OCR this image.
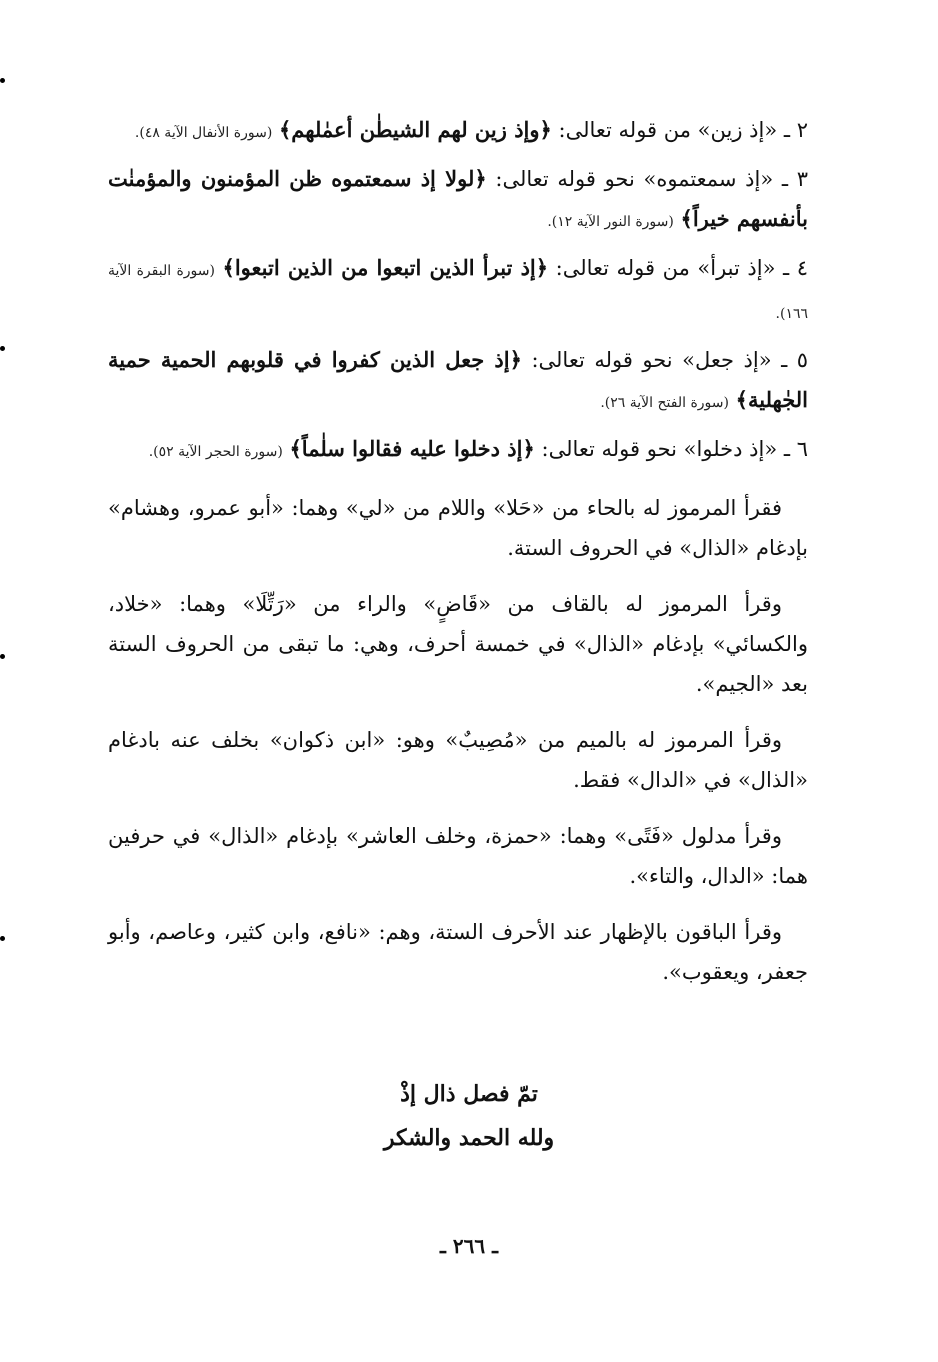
٢ ـ «إذ زين» من قوله تعالى: ﴿وإذ زين لهم الشيطٰن أعمٰلهم﴾ (سورة الأنفال الآية ٤٨).
٣ ـ «إذ سمعتموه» نحو قوله تعالى: ﴿لولا إذ سمعتموه ظن المؤمنون والمؤمنٰت بأنفسهم خيراً﴾ (سورة النور الآية ١٢).
٤ ـ «إذ تبرأ» من قوله تعالى: ﴿إذ تبرأ الذين اتبعوا من الذين اتبعوا﴾ (سورة البقرة الآية ١٦٦).
٥ ـ «إذ جعل» نحو قوله تعالى: ﴿إذ جعل الذين كفروا في قلوبهم الحمية حمية الجٰهلية﴾ (سورة الفتح الآية ٢٦).
٦ ـ «إذ دخلوا» نحو قوله تعالى: ﴿إذ دخلوا عليه فقالوا سلٰماً﴾ (سورة الحجر الآية ٥٢).

فقرأ المرموز له بالحاء من «حَلا» واللام من «لي» وهما: «أبو عمرو، وهشام» بإدغام «الذال» في الحروف الستة.

وقرأ المرموز له بالقاف من «قَاضٍ» والراء من «رَتِّلَا» وهما: «خلاد، والكسائي» بإدغام «الذال» في خمسة أحرف، وهي: ما تبقى من الحروف الستة بعد «الجيم».

وقرأ المرموز له بالميم من «مُصِيبٌ» وهو: «ابن ذكوان» بخلف عنه بادغام «الذال» في «الدال» فقط.

وقرأ مدلول «فَتًى» وهما: «حمزة، وخلف العاشر» بإدغام «الذال» في حرفين هما: «الدال، والتاء».

وقرأ الباقون بالإظهار عند الأحرف الستة، وهم: «نافع، وابن كثير، وعاصم، وأبو جعفر، ويعقوب».

تمّ فصل ذال إذْ
ولله الحمد والشكر
ـ ٢٦٦ ـ
